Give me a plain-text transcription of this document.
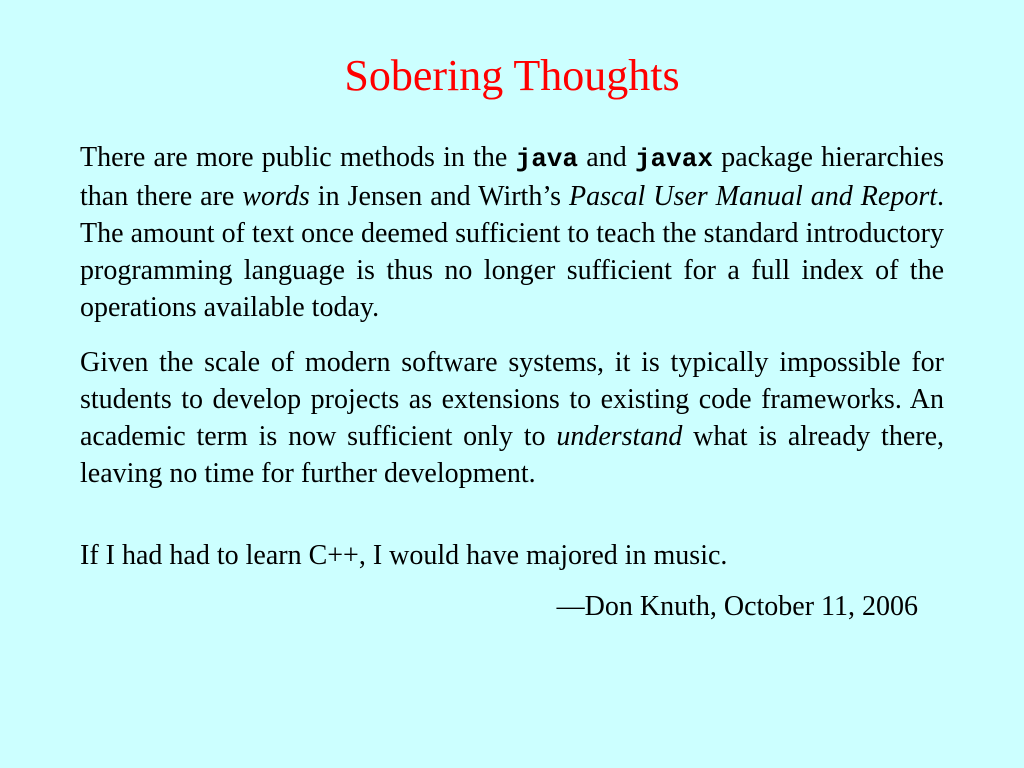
Sobering Thoughts

There are more public methods in the java and javax package hierarchies than there are words in Jensen and Wirth’s Pascal User Manual and Report. The amount of text once deemed sufficient to teach the standard introductory programming language is thus no longer sufficient for a full index of the operations available today.

Given the scale of modern software systems, it is typically impossible for students to develop projects as extensions to existing code frameworks. An academic term is now sufficient only to understand what is already there, leaving no time for further development.

If I had had to learn C++, I would have majored in music.

—Don Knuth, October 11, 2006
